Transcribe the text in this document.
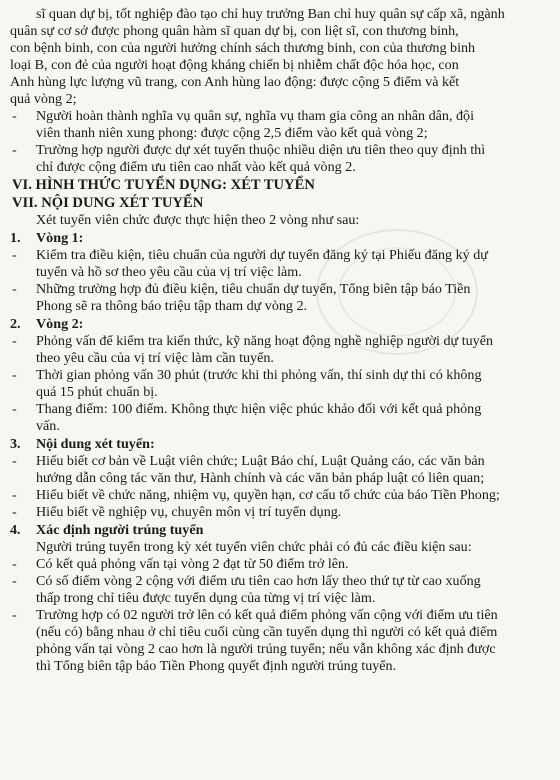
sĩ quan dự bị, tốt nghiệp đào tạo chỉ huy trưởng Ban chỉ huy quân sự cấp xã, ngành
quân sự cơ sở được phong quân hàm sĩ quan dự bị, con liệt sĩ, con thương binh,
con bệnh binh, con của người hưởng chính sách thương binh, con của thương binh
loại B, con đẻ của người hoạt động kháng chiến bị nhiễm chất độc hóa học, con
Anh hùng lực lượng vũ trang, con Anh hùng lao động: được cộng 5 điểm và kết
quả vòng 2;
-	Người hoàn thành nghĩa vụ quân sự, nghĩa vụ tham gia công an nhân dân, đội
viên thanh niên xung phong: được cộng 2,5 điểm vào kết quả vòng 2;
-	Trường hợp người được dự xét tuyển thuộc nhiều diện ưu tiên theo quy định thì
chỉ được cộng điểm ưu tiên cao nhất vào kết quả vòng 2.
VI. HÌNH THỨC TUYỂN DỤNG: XÉT TUYỂN
VII. NỘI DUNG XÉT TUYỂN
Xét tuyển viên chức được thực hiện theo 2 vòng như sau:
1.	Vòng 1:
-	Kiểm tra điều kiện, tiêu chuẩn của người dự tuyển đăng ký tại Phiếu đăng ký dự
tuyển và hồ sơ theo yêu cầu của vị trí việc làm.
-	Những trường hợp đủ điều kiện, tiêu chuẩn dự tuyển, Tổng biên tập báo Tiền
Phong sẽ ra thông báo triệu tập tham dự vòng 2.
2.	Vòng 2:
-	Phỏng vấn để kiểm tra kiến thức, kỹ năng hoạt động nghề nghiệp người dự tuyển
theo yêu cầu của vị trí việc làm cần tuyển.
-	Thời gian phỏng vấn 30 phút (trước khi thi phỏng vấn, thí sinh dự thi có không
quá 15 phút chuẩn bị.
-	Thang điểm: 100 điểm. Không thực hiện việc phúc khảo đối với kết quả phỏng
vấn.
3.	Nội dung xét tuyển:
-	Hiểu biết cơ bản về Luật viên chức; Luật Báo chí, Luật Quảng cáo, các văn bản
hướng dẫn công tác văn thư, Hành chính và các văn bản pháp luật có liên quan;
-	Hiểu biết về chức năng, nhiệm vụ, quyền hạn, cơ cấu tổ chức của báo Tiền Phong;
-	Hiểu biết về nghiệp vụ, chuyên môn vị trí tuyển dụng.
4.	Xác định người trúng tuyển
Người trúng tuyển trong kỳ xét tuyển viên chức phải có đủ các điều kiện sau:
-	Có kết quả phỏng vấn tại vòng 2 đạt từ 50 điểm trở lên.
-	Có số điểm vòng 2 cộng với điểm ưu tiên cao hơn lấy theo thứ tự từ cao xuống
thấp trong chỉ tiêu được tuyển dụng của từng vị trí việc làm.
-	Trường hợp có 02 người trở lên có kết quả điểm phỏng vấn cộng với điểm ưu tiên
(nếu có) bằng nhau ở chỉ tiêu cuối cùng cần tuyển dụng thì người có kết quả điểm
phỏng vấn tại vòng 2 cao hơn là người trúng tuyển; nếu vẫn không xác định được
thì Tổng biên tập báo Tiền Phong quyết định người trúng tuyển.
